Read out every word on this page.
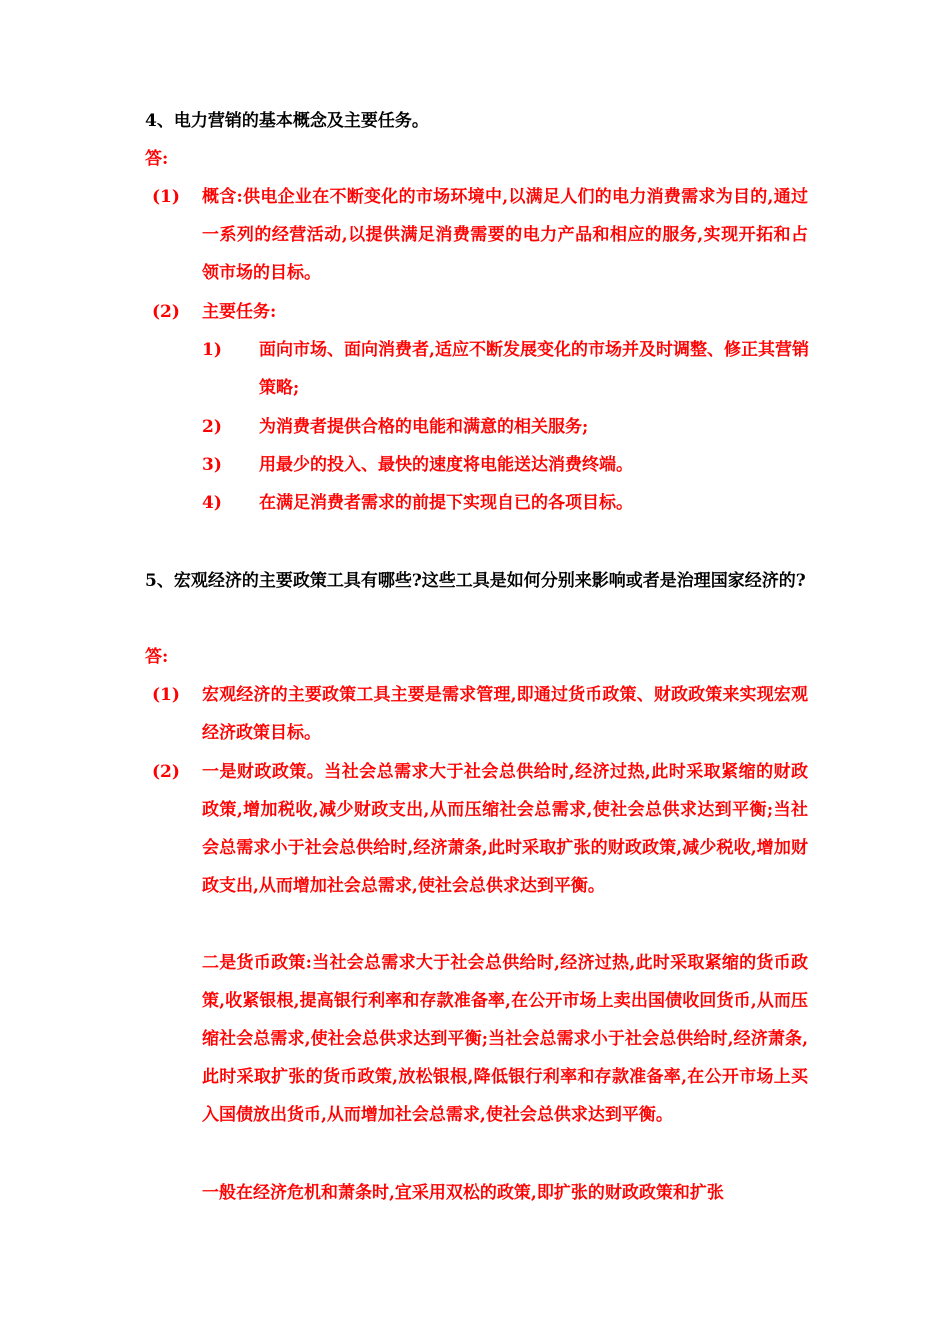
4、电力营销的基本概念及主要任务。
答:
(1) 概含:供电企业在不断变化的市场环境中,以满足人们的电力消费需求为目的,通过一系列的经营活动,以提供满足消费需要的电力产品和相应的服务,实现开拓和占领市场的目标。
(2) 主要任务:
1) 面向市场、面向消费者,适应不断发展变化的市场并及时调整、修正其营销策略;
2) 为消费者提供合格的电能和满意的相关服务;
3) 用最少的投入、最快的速度将电能送达消费终端。
4) 在满足消费者需求的前提下实现自已的各项目标。
5、宏观经济的主要政策工具有哪些?这些工具是如何分别来影响或者是治理国家经济的?
答:
(1) 宏观经济的主要政策工具主要是需求管理,即通过货币政策、财政政策来实现宏观经济政策目标。
(2) 一是财政政策。当社会总需求大于社会总供给时,经济过热,此时采取紧缩的财政政策,增加税收,减少财政支出,从而压缩社会总需求,使社会总供求达到平衡;当社会总需求小于社会总供给时,经济萧条,此时采取扩张的财政政策,减少税收,增加财政支出,从而增加社会总需求,使社会总供求达到平衡。
二是货币政策:当社会总需求大于社会总供给时,经济过热,此时采取紧缩的货币政策,收紧银根,提高银行利率和存款准备率,在公开市场上卖出国债收回货币,从而压缩社会总需求,使社会总供求达到平衡;当社会总需求小于社会总供给时,经济萧条,此时采取扩张的货币政策,放松银根,降低银行利率和存款准备率,在公开市场上买入国债放出货币,从而增加社会总需求,使社会总供求达到平衡。
一般在经济危机和萧条时,宜采用双松的政策,即扩张的财政政策和扩张
